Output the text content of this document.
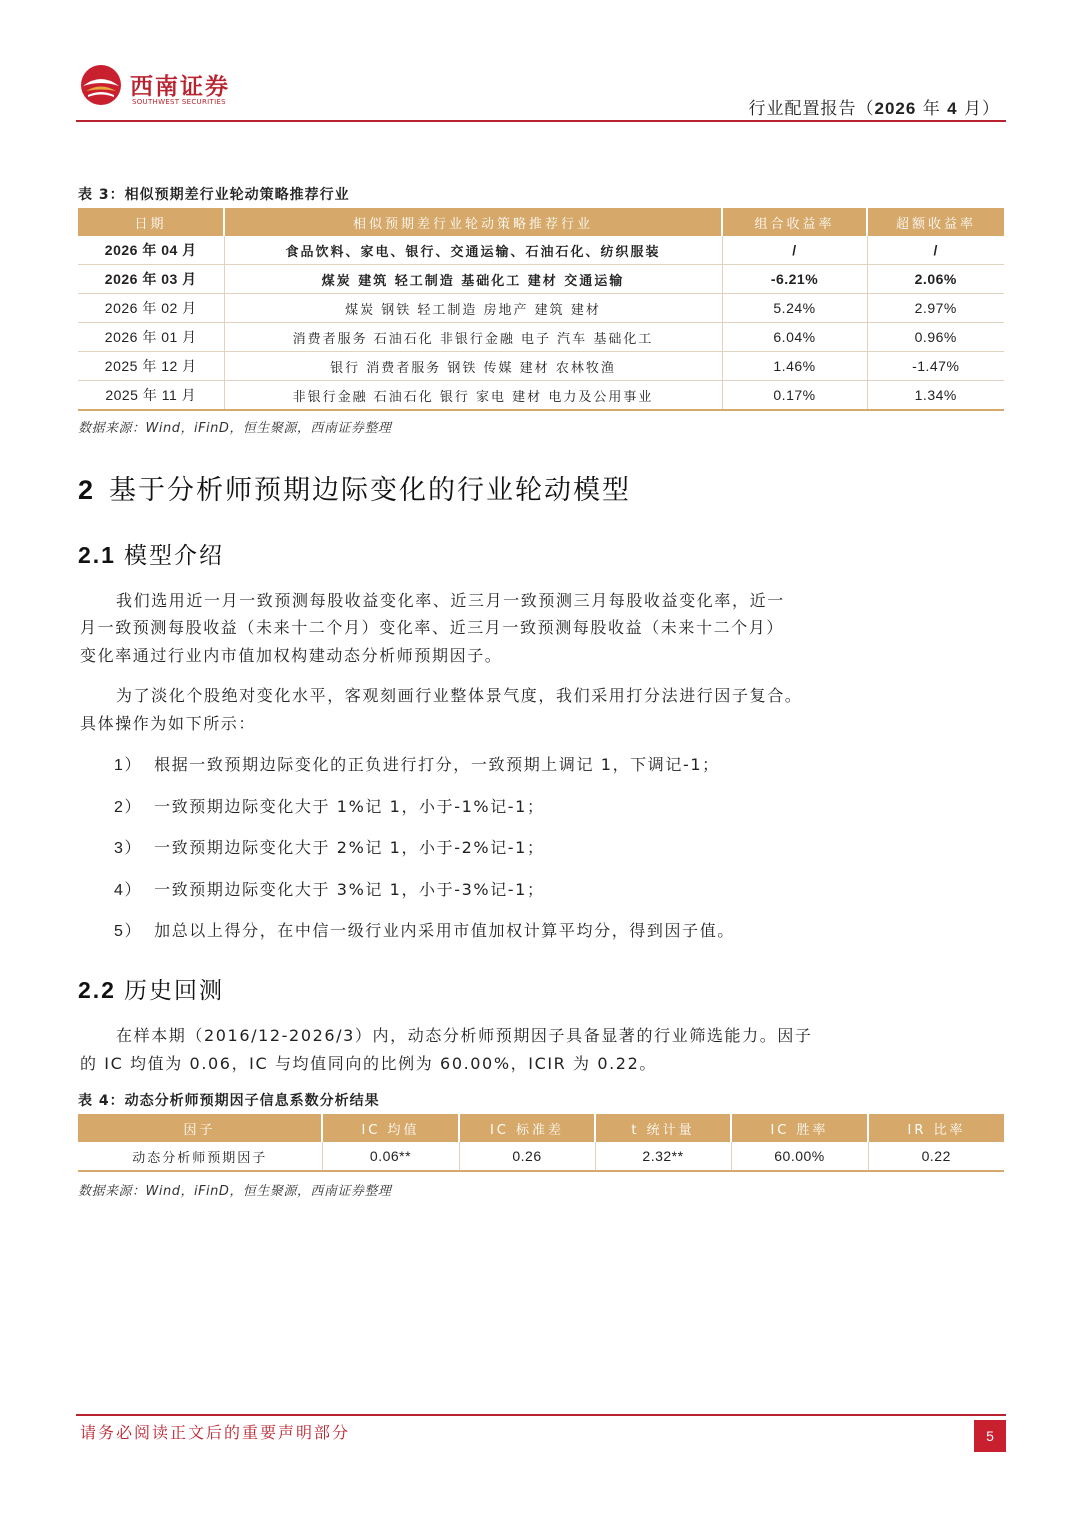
西南证券
SOUTHWEST SECURITIES	行业配置报告（2026 年 4 月）
表 3：相似预期差行业轮动策略推荐行业
日期	相似预期差行业轮动策略推荐行业	组合收益率	超额收益率
2026 年 04 月	食品饮料、家电、银行、交通运输、石油石化、纺织服装	/	/
2026 年 03 月	煤炭 建筑 轻工制造 基础化工 建材 交通运输	-6.21%	2.06%
2026 年 02 月	煤炭 钢铁 轻工制造 房地产 建筑 建材	5.24%	2.97%
2026 年 01 月	消费者服务 石油石化 非银行金融 电子 汽车 基础化工	6.04%	0.96%
2025 年 12 月	银行 消费者服务 钢铁 传媒 建材 农林牧渔	1.46%	-1.47%
2025 年 11 月	非银行金融 石油石化 银行 家电 建材 电力及公用事业	0.17%	1.34%
数据来源：Wind，iFinD，恒生聚源，西南证券整理
2 基于分析师预期边际变化的行业轮动模型
2.1 模型介绍
我们选用近一月一致预测每股收益变化率、近三月一致预测三月每股收益变化率，近一
月一致预测每股收益（未来十二个月）变化率、近三月一致预测每股收益（未来十二个月）
变化率通过行业内市值加权构建动态分析师预期因子。
为了淡化个股绝对变化水平，客观刻画行业整体景气度，我们采用打分法进行因子复合。
具体操作为如下所示：
1） 根据一致预期边际变化的正负进行打分，一致预期上调记 1，下调记-1；
2） 一致预期边际变化大于 1%记 1，小于-1%记-1；
3） 一致预期边际变化大于 2%记 1，小于-2%记-1；
4） 一致预期边际变化大于 3%记 1，小于-3%记-1；
5） 加总以上得分，在中信一级行业内采用市值加权计算平均分，得到因子值。
2.2 历史回测
在样本期（2016/12-2026/3）内，动态分析师预期因子具备显著的行业筛选能力。因子
的 IC 均值为 0.06，IC 与均值同向的比例为 60.00%，ICIR 为 0.22。
表 4：动态分析师预期因子信息系数分析结果
因子	IC 均值	IC 标准差	t 统计量	IC 胜率	IR 比率
动态分析师预期因子	0.06**	0.26	2.32**	60.00%	0.22
数据来源：Wind，iFinD，恒生聚源，西南证券整理
请务必阅读正文后的重要声明部分	5
